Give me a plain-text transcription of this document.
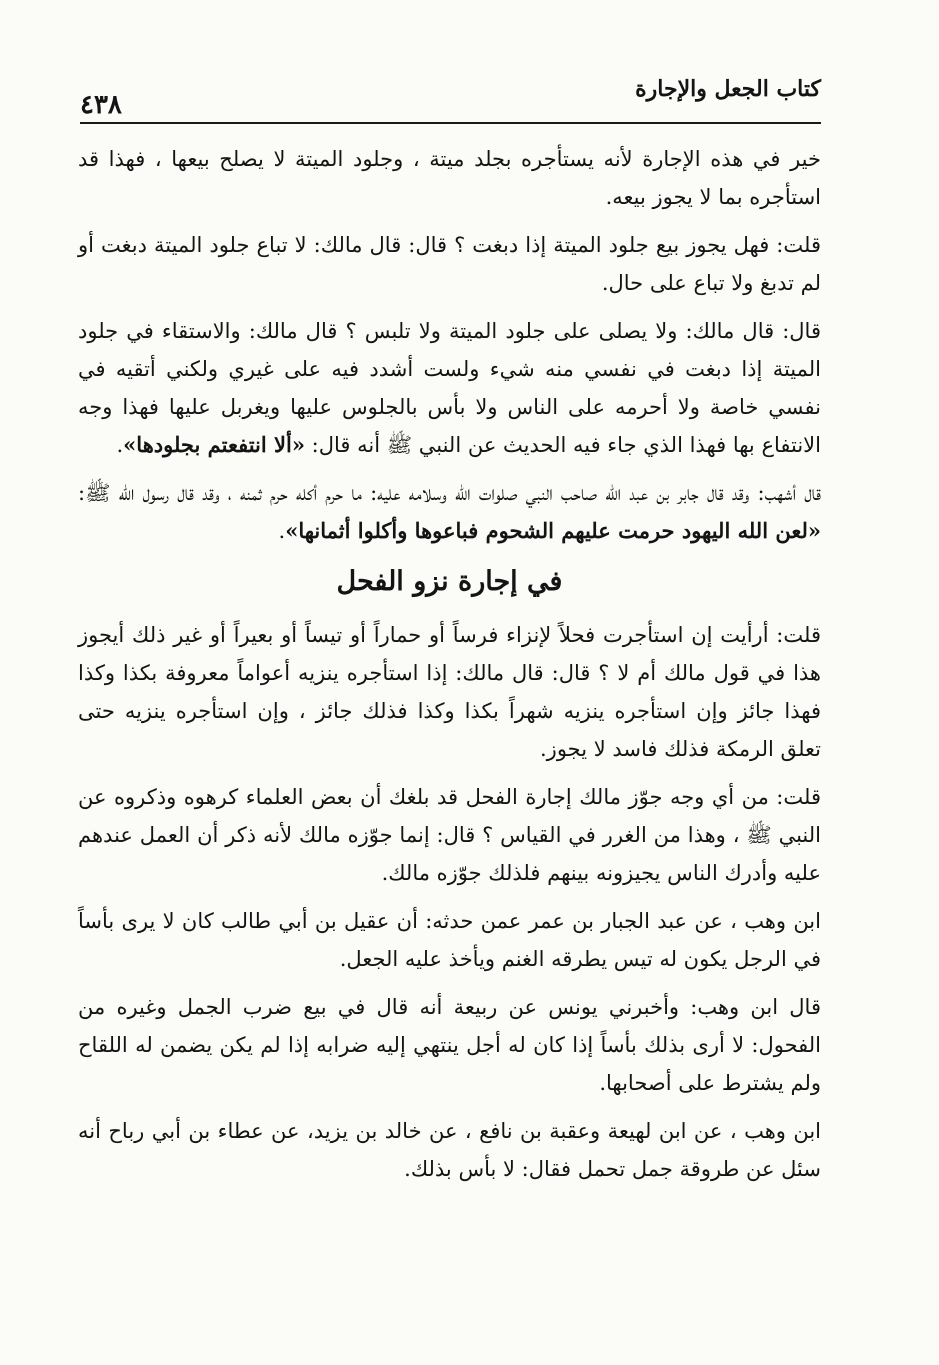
كتاب الجعل والإجارة
٤٣٨

خير في هذه الإجارة لأنه يستأجره بجلد ميتة ، وجلود الميتة لا يصلح بيعها ، فهذا قد استأجره بما لا يجوز بيعه.

قلت: فهل يجوز بيع جلود الميتة إذا دبغت ؟ قال: قال مالك: لا تباع جلود الميتة دبغت أو لم تدبغ ولا تباع على حال.

قال: قال مالك: ولا يصلى على جلود الميتة ولا تلبس ؟ قال مالك: والاستقاء في جلود الميتة إذا دبغت في نفسي منه شيء ولست أشدد فيه على غيري ولكني أتقيه في نفسي خاصة ولا أحرمه على الناس ولا بأس بالجلوس عليها ويغربل عليها فهذا وجه الانتفاع بها فهذا الذي جاء فيه الحديث عن النبي ﷺ أنه قال: «ألا انتفعتم بجلودها».

قال أشهب: وقد قال جابر بن عبد الله صاحب النبي صلوات الله وسلامه عليه: ما حرم أكله حرم ثمنه ، وقد قال رسول الله ﷺ: «لعن الله اليهود حرمت عليهم الشحوم فباعوها وأكلوا أثمانها».

في إجارة نزو الفحل

قلت: أرأيت إن استأجرت فحلاً لإنزاء فرساً أو حماراً أو تيساً أو بعيراً أو غير ذلك أيجوز هذا في قول مالك أم لا ؟ قال: قال مالك: إذا استأجره ينزيه أعواماً معروفة بكذا وكذا فهذا جائز وإن استأجره ينزيه شهراً بكذا وكذا فذلك جائز ، وإن استأجره ينزيه حتى تعلق الرمكة فذلك فاسد لا يجوز.

قلت: من أي وجه جوّز مالك إجارة الفحل قد بلغك أن بعض العلماء كرهوه وذكروه عن النبي ﷺ ، وهذا من الغرر في القياس ؟ قال: إنما جوّزه مالك لأنه ذكر أن العمل عندهم عليه وأدرك الناس يجيزونه بينهم فلذلك جوّزه مالك.

ابن وهب ، عن عبد الجبار بن عمر عمن حدثه: أن عقيل بن أبي طالب كان لا يرى بأساً في الرجل يكون له تيس يطرقه الغنم ويأخذ عليه الجعل.

قال ابن وهب: وأخبرني يونس عن ربيعة أنه قال في بيع ضرب الجمل وغيره من الفحول: لا أرى بذلك بأساً إذا كان له أجل ينتهي إليه ضرابه إذا لم يكن يضمن له اللقاح ولم يشترط على أصحابها.

ابن وهب ، عن ابن لهيعة وعقبة بن نافع ، عن خالد بن يزيد، عن عطاء بن أبي رباح أنه سئل عن طروقة جمل تحمل فقال: لا بأس بذلك.
